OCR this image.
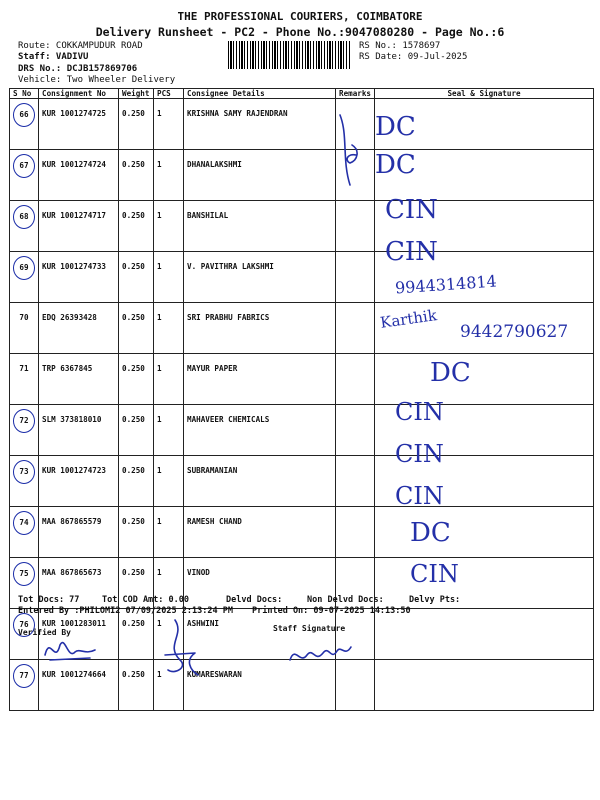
THE PROFESSIONAL COURIERS, COIMBATORE
Delivery Runsheet - PC2 - Phone No.:9047080280 - Page No.:6
Route: COKKAMPUDUR ROAD
Staff: VADIVU
DRS No.: DCJB157869706
Vehicle: Two Wheeler Delivery
RS No.: 1578697
RS Date: 09-Jul-2025
S No	Consignment No	Weight	PCS	Consignee Details	Remarks	Seal & Signature
66	KUR 1001274725	0.250	1	KRISHNA SAMY RAJENDRAN		
67	KUR 1001274724	0.250	1	DHANALAKSHMI		
68	KUR 1001274717	0.250	1	BANSHILAL		
69	KUR 1001274733	0.250	1	V. PAVITHRA LAKSHMI		
70	EDQ 26393428	0.250	1	SRI PRABHU FABRICS		
71	TRP 6367845	0.250	1	MAYUR PAPER		
72	SLM 373818010	0.250	1	MAHAVEER CHEMICALS		
73	KUR 1001274723	0.250	1	SUBRAMANIAN		
74	MAA 867865579	0.250	1	RAMESH CHAND		
75	MAA 867865673	0.250	1	VINOD		
76	KUR 1001283011	0.250	1	ASHWINI		
77	KUR 1001274664	0.250	1	KUMARESWARAN		
DC
DC
CIN
CIN
9944314814
Karthik
9442790627
DC
CIN
CIN
CIN
DC
CIN
Tot Docs: 77	Tot COD Amt: 0.00	Delvd Docs:	Non Delvd Docs:	Delvy Pts:
Entered By :PHILOMI2 07/09/2025 2:13:24 PM Printed On: 09-07-2025 14:13:50
Verified By	Staff Signature
